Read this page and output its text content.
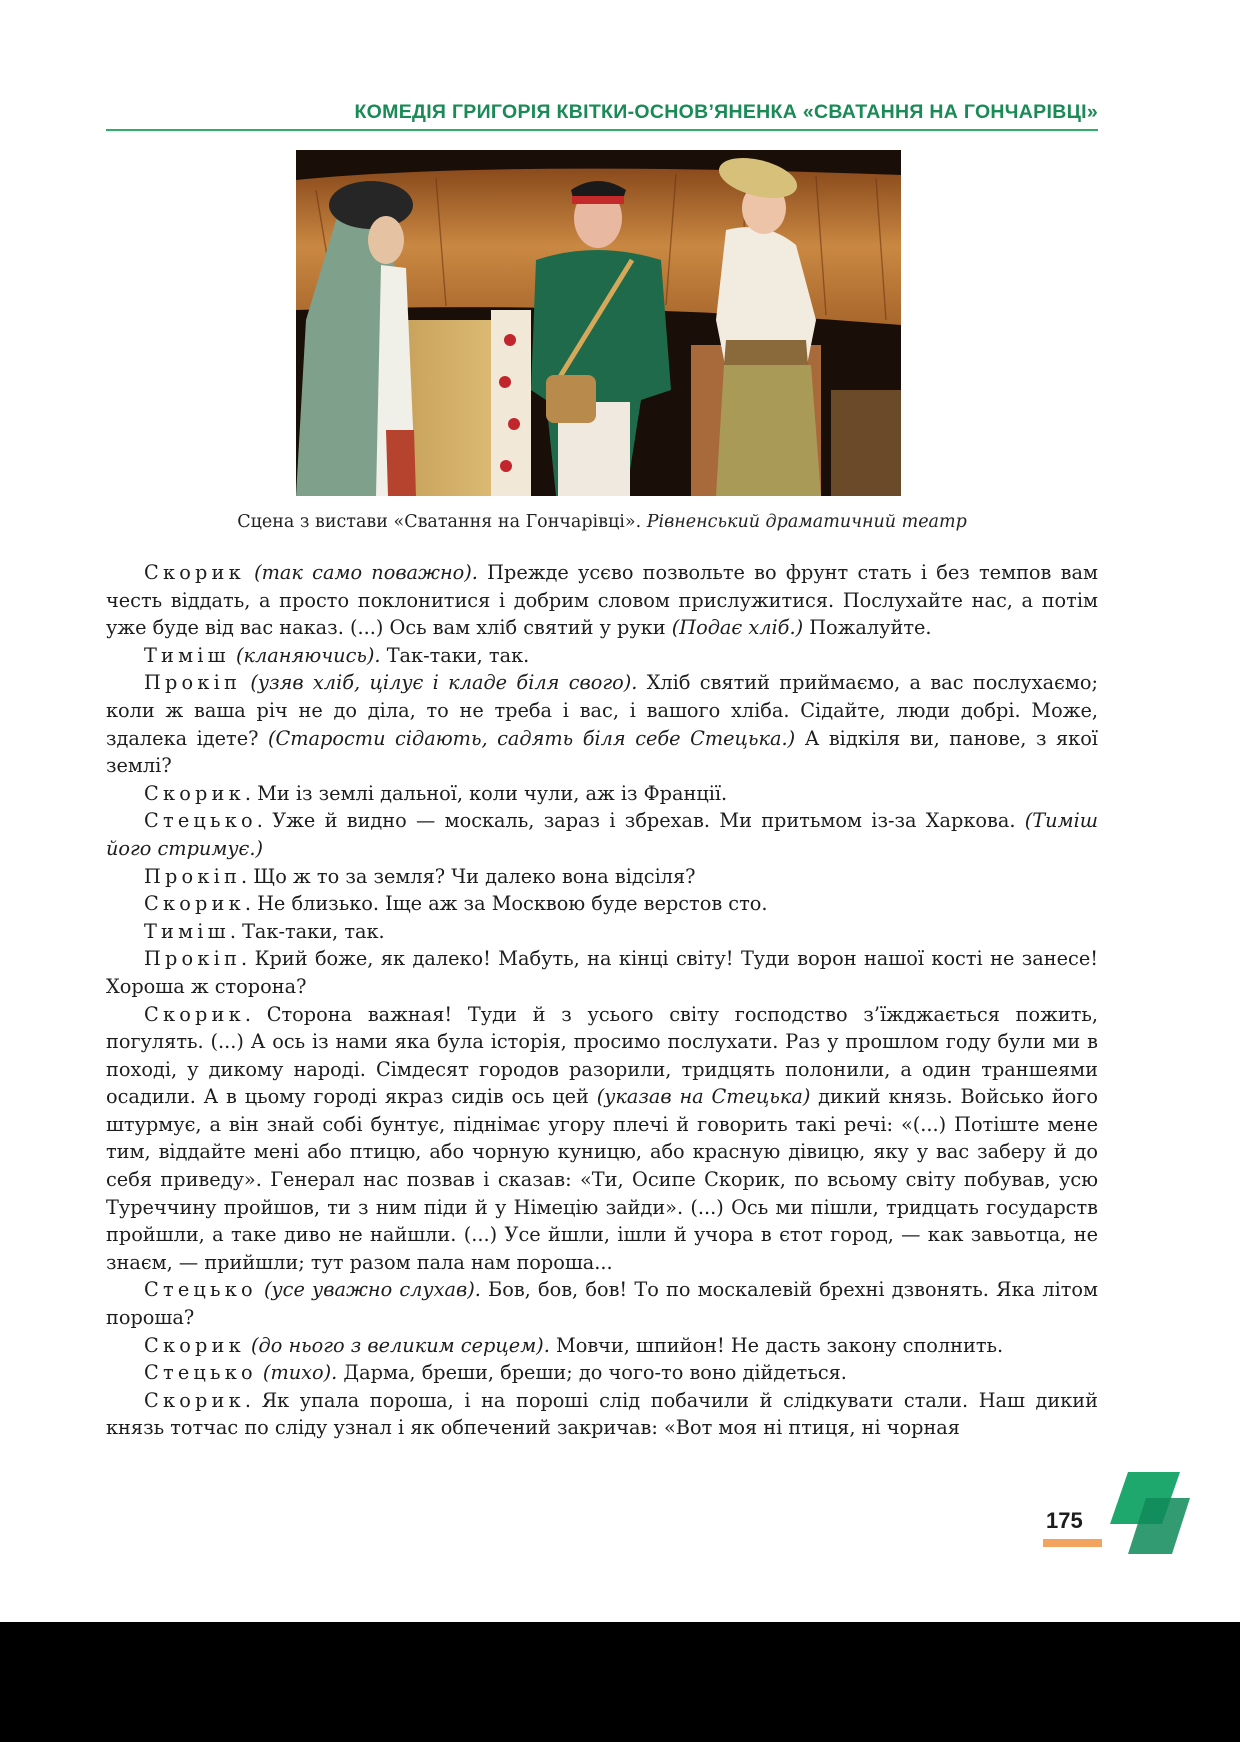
КОМЕДІЯ ГРИГОРІЯ КВІТКИ-ОСНОВ’ЯНЕНКА «СВАТАННЯ НА ГОНЧАРІВЦІ»
Сцена з вистави «Сватання на Гончарівці». Рівненський драматичний театр

Скорик (так само поважно). Прежде усєво позвольте во фрунт стать і без темпов вам честь віддать, а просто поклонитися і добрим словом прислужитися. Послухайте нас, а потім уже буде від вас наказ. (...) Ось вам хліб святий у руки (Подає хліб.) Пожалуйте.

Тиміш (кланяючись). Так-таки, так.

Прокіп (узяв хліб, цілує і кладе біля свого). Хліб святий приймаємо, а вас послухаємо; коли ж ваша річ не до діла, то не треба і вас, і вашого хліба. Сідайте, люди добрі. Може, здалека ідете? (Старости сідають, садять біля себе Стецька.) А відкіля ви, панове, з якої землі?

Скорик. Ми із землі дальної, коли чули, аж із Франції.

Стецько. Уже й видно — москаль, зараз і збрехав. Ми притьмом із-за Харкова. (Тиміш його стримує.)

Прокіп. Що ж то за земля? Чи далеко вона відсіля?

Скорик. Не близько. Іще аж за Москвою буде верстов сто.

Тиміш. Так-таки, так.

Прокіп. Крий боже, як далеко! Мабуть, на кінці світу! Туди ворон нашої кості не занесе! Хороша ж сторона?

Скорик. Сторона важная! Туди й з усього світу господство з’їжджається пожить, погулять. (...) А ось із нами яка була історія, просимо послухати. Раз у прошлом году були ми в поході, у дикому народі. Сімдесят городов разорили, тридцять полонили, а один траншеями осадили. А в цьому городі якраз сидів ось цей (указав на Стецька) дикий князь. Войсько його штурмує, а він знай собі бунтує, піднімає угору плечі й говорить такі речі: «(...) Потіште мене тим, віддайте мені або птицю, або чорную куницю, або красную дівицю, яку у вас заберу й до себя приведу». Генерал нас позвав і сказав: «Ти, Осипе Скорик, по всьому світу побував, усю Туреччину пройшов, ти з ним піди й у Німецію зайди». (...) Ось ми пішли, тридцать государств пройшли, а таке диво не найшли. (...) Усе йшли, ішли й учора в єтот город, — как завьотца, не знаєм, — прийшли; тут разом пала нам пороша...

Стецько (усе уважно слухав). Бов, бов, бов! То по москалевій брехні дзвонять. Яка літом пороша?

Скорик (до нього з великим серцем). Мовчи, шпийон! Не дасть закону сполнить.

Стецько (тихо). Дарма, бреши, бреши; до чого-то воно дійдеться.

Скорик. Як упала пороша, і на пороші слід побачили й слідкувати стали. Наш дикий князь тотчас по сліду узнал і як обпечений закричав: «Вот моя ні птиця, ні чорная

175
